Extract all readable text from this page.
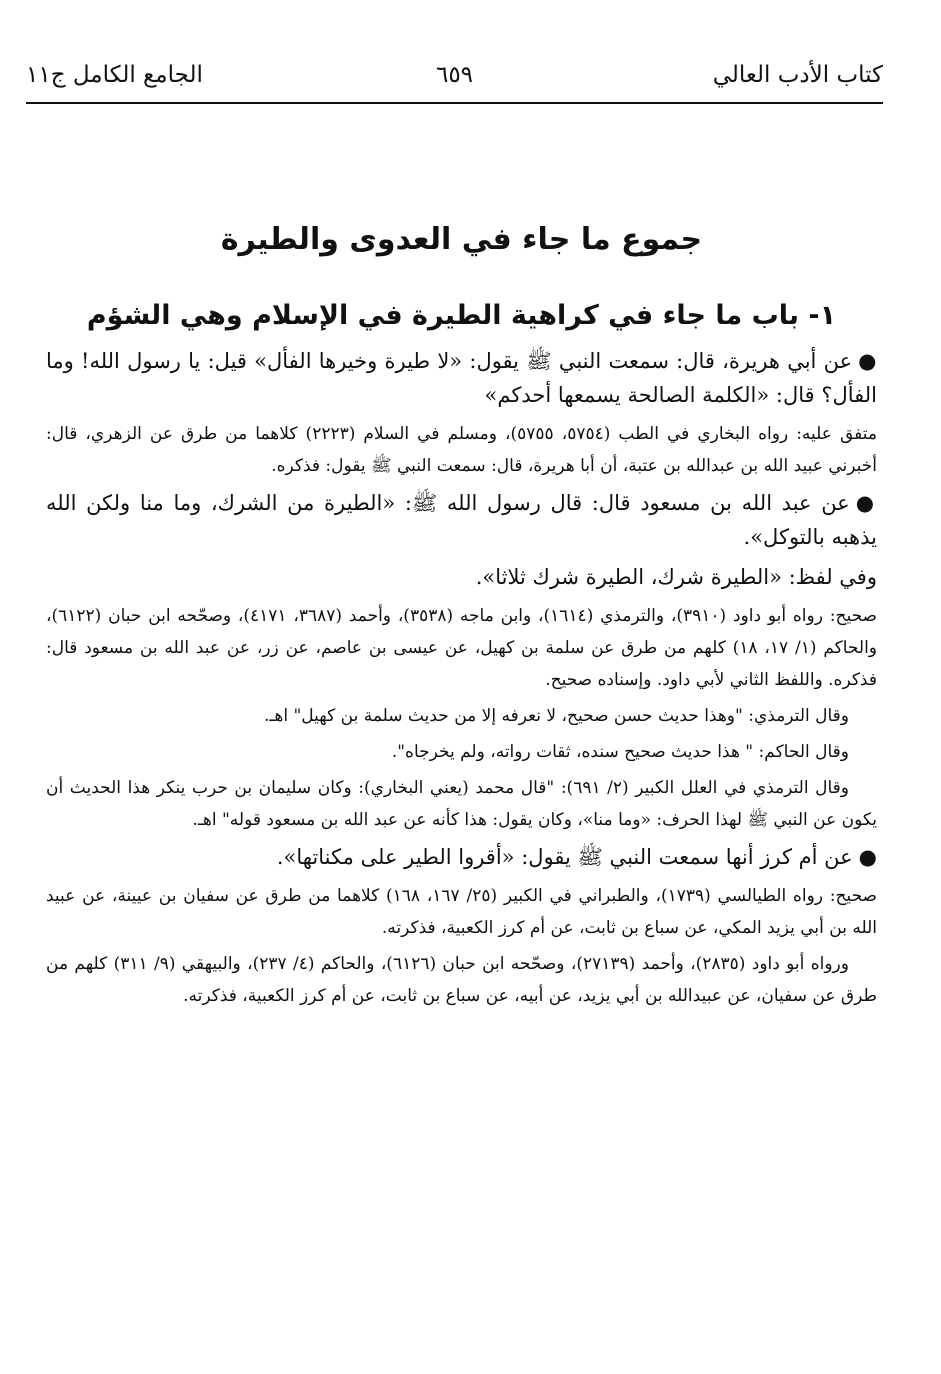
كتاب الأدب العالي
٦٥٩
الجامع الكامل ج١١
جموع ما جاء في العدوى والطيرة
١- باب ما جاء في كراهية الطيرة في الإسلام وهي الشؤم

●عن أبي هريرة، قال: سمعت النبي ﷺ يقول: «لا طيرة وخيرها الفأل» قيل: يا رسول الله! وما الفأل؟ قال: «الكلمة الصالحة يسمعها أحدكم»

متفق عليه: رواه البخاري في الطب (٥٧٥٤، ٥٧٥٥)، ومسلم في السلام (٢٢٢٣) كلاهما من طرق عن الزهري، قال: أخبرني عبيد الله بن عبدالله بن عتبة، أن أبا هريرة، قال: سمعت النبي ﷺ يقول: فذكره.

●عن عبد الله بن مسعود قال: قال رسول الله ﷺ: «الطيرة من الشرك، وما منا ولكن الله يذهبه بالتوكل».

وفي لفظ: «الطيرة شرك، الطيرة شرك ثلاثا».

صحيح: رواه أبو داود (٣٩١٠)، والترمذي (١٦١٤)، وابن ماجه (٣٥٣٨)، وأحمد (٣٦٨٧، ٤١٧١)، وصحّحه ابن حبان (٦١٢٢)، والحاكم (١/ ١٧، ١٨) كلهم من طرق عن سلمة بن كهيل، عن عيسى بن عاصم، عن زر، عن عبد الله بن مسعود قال: فذكره. واللفظ الثاني لأبي داود. وإسناده صحيح.

وقال الترمذي: "وهذا حديث حسن صحيح، لا نعرفه إلا من حديث سلمة بن كهيل" اهـ.

وقال الحاكم: " هذا حديث صحيح سنده، ثقات رواته، ولم يخرجاه".

وقال الترمذي في العلل الكبير (٢/ ٦٩١): "قال محمد (يعني البخاري): وكان سليمان بن حرب ينكر هذا الحديث أن يكون عن النبي ﷺ لهذا الحرف: «وما منا»، وكان يقول: هذا كأنه عن عبد الله بن مسعود قوله" اهـ.

●عن أم كرز أنها سمعت النبي ﷺ يقول: «أقروا الطير على مكناتها».

صحيح: رواه الطيالسي (١٧٣٩)، والطبراني في الكبير (٢٥/ ١٦٧، ١٦٨) كلاهما من طرق عن سفيان بن عيينة، عن عبيد الله بن أبي يزيد المكي، عن سباع بن ثابت، عن أم كرز الكعبية، فذكرته.

ورواه أبو داود (٢٨٣٥)، وأحمد (٢٧١٣٩)، وصحّحه ابن حبان (٦١٢٦)، والحاكم (٤/ ٢٣٧)، والبيهقي (٩/ ٣١١) كلهم من طرق عن سفيان، عن عبيدالله بن أبي يزيد، عن أبيه، عن سباع بن ثابت، عن أم كرز الكعبية، فذكرته.
